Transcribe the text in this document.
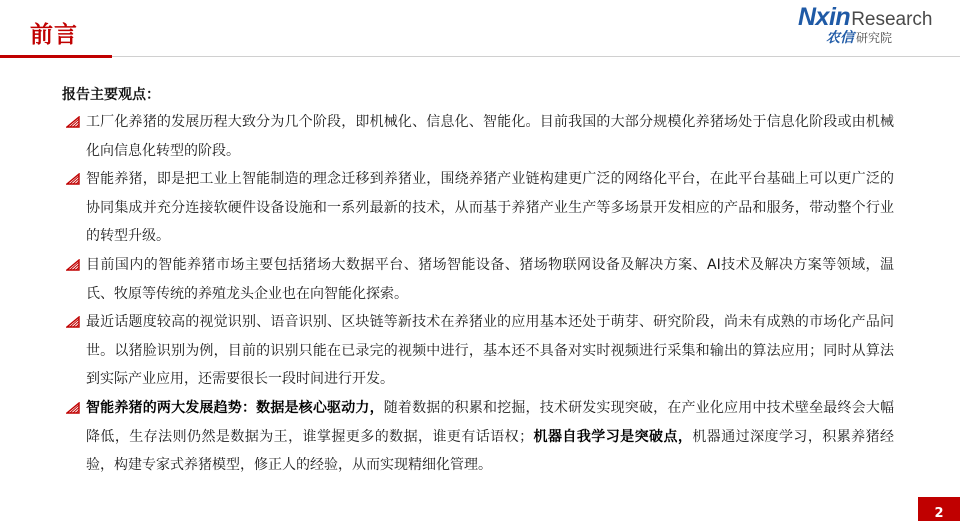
前言
NxinResearch
农信 研究院
报告主要观点：
工厂化养猪的发展历程大致分为几个阶段，即机械化、信息化、智能化。目前我国的大部分规模化养猪场处于信息化阶段或由机械化向信息化转型的阶段。
智能养猪，即是把工业上智能制造的理念迁移到养猪业，围绕养猪产业链构建更广泛的网络化平台，在此平台基础上可以更广泛的协同集成并充分连接软硬件设备设施和一系列最新的技术，从而基于养猪产业生产等多场景开发相应的产品和服务，带动整个行业的转型升级。
目前国内的智能养猪市场主要包括猪场大数据平台、猪场智能设备、猪场物联网设备及解决方案、AI技术及解决方案等领域，温氏、牧原等传统的养殖龙头企业也在向智能化探索。
最近话题度较高的视觉识别、语音识别、区块链等新技术在养猪业的应用基本还处于萌芽、研究阶段，尚未有成熟的市场化产品问世。以猪脸识别为例，目前的识别只能在已录完的视频中进行，基本还不具备对实时视频进行采集和输出的算法应用；同时从算法到实际产业应用，还需要很长一段时间进行开发。
智能养猪的两大发展趋势：数据是核心驱动力，随着数据的积累和挖掘，技术研发实现突破，在产业化应用中技术壁垒最终会大幅降低，生存法则仍然是数据为王，谁掌握更多的数据，谁更有话语权；机器自我学习是突破点，机器通过深度学习，积累养猪经验，构建专家式养猪模型，修正人的经验，从而实现精细化管理。
2
